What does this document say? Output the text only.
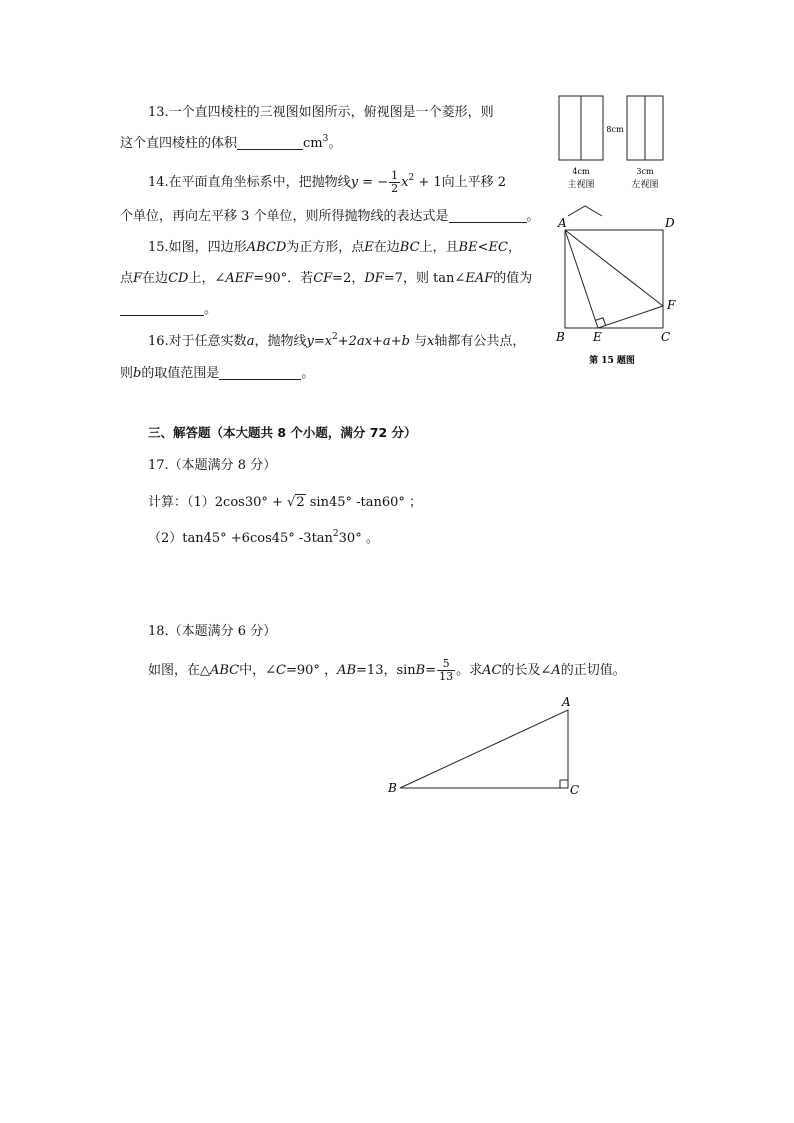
13.一个直四棱柱的三视图如图所示，俯视图是一个菱形，则
这个直四棱柱的体积	$cm^3$。
8cm
4cm
主视图
3cm
左视图
14.在平面直角坐标系中，把抛物线y = − $\frac{1}{2} x^2 + 1$向上平移 2
个单位，再向左平移 3 个单位，则所得抛物线的表达式是	。
15.如图，四边形ABCD为正方形，点E在边BC上，且BE<EC，
点F在边CD上，∠AEF=90°．若CF=2，DF=7，则 tan∠EAF的值为
。
A	D
B E	C
F
第 15 题图
16.对于任意实数a，抛物线$y=x^2+2ax+a+b$ 与x轴都有公共点，
则b的取值范围是	。
三、解答题（本大题共 8 个小题，满分 72 分）
17.（本题满分 8 分）
计算：（1）2cos30° + √2 sin45° -tan60° ；
（2）tan45° +6cos45° $-3\tan^230^\circ$ 。
18.（本题满分 6 分）
如图，在△ABC中，∠C=90° ，AB=13，$\sin B= \frac{5}{13}$ 。求AC的长及∠A的正切值。
A
B	C
